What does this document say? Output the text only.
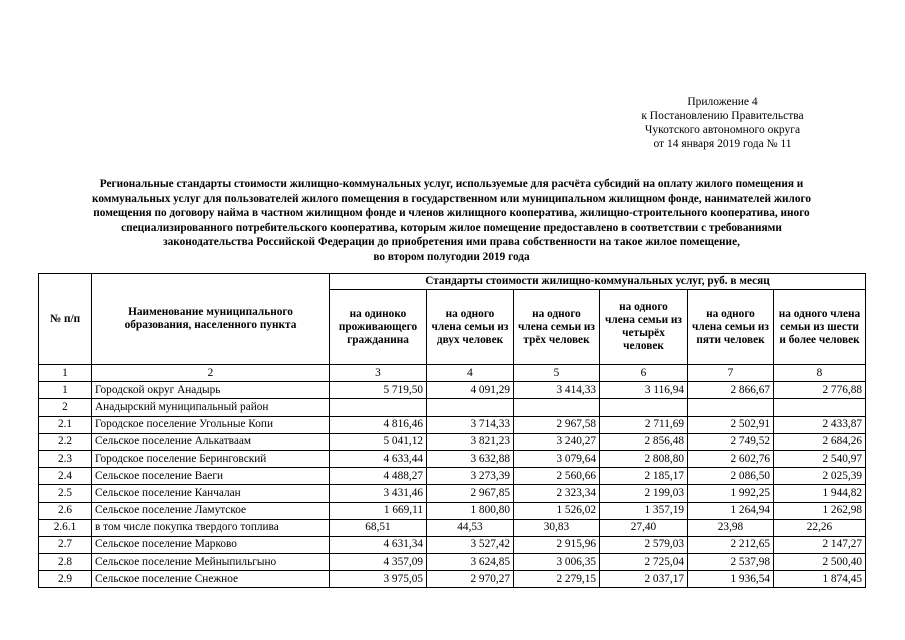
Приложение 4
к Постановлению Правительства
Чукотского автономного округа
от 14 января 2019 года № 11
Региональные стандарты стоимости жилищно-коммунальных услуг, используемые для расчёта субсидий на оплату жилого помещения и
коммунальных услуг для пользователей жилого помещения в государственном или муниципальном жилищном фонде, нанимателей жилого
помещения по договору найма в частном жилищном фонде и членов жилищного кооператива, жилищно-строительного кооператива, иного
специализированного потребительского кооператива, которым жилое помещение предоставлено в соответствии с требованиями
законодательства Российской Федерации до приобретения ими права собственности на такое жилое помещение,
во втором полугодии 2019 года
№ п/п	Наименование муниципального образования, населенного пункта	Стандарты стоимости жилищно-коммунальных услуг, руб. в месяц					
		на одиноко проживающего гражданина	на одного члена семьи из двух человек	на одного члена семьи из трёх человек	на одного члена семьи из четырёх человек	на одного члена семьи из пяти человек	на одного члена семьи из шести и более человек
1	2	3	4	5	6	7	8
1	Городской округ Анадырь	5 719,50	4 091,29	3 414,33	3 116,94	2 866,67	2 776,88
2	Анадырский муниципальный район						
2.1	Городское поселение Угольные Копи	4 816,46	3 714,33	2 967,58	2 711,69	2 502,91	2 433,87
2.2	Сельское поселение Алькатваам	5 041,12	3 821,23	3 240,27	2 856,48	2 749,52	2 684,26
2.3	Городское поселение Беринговский	4 633,44	3 632,88	3 079,64	2 808,80	2 602,76	2 540,97
2.4	Сельское поселение Ваеги	4 488,27	3 273,39	2 560,66	2 185,17	2 086,50	2 025,39
2.5	Сельское поселение Канчалан	3 431,46	2 967,85	2 323,34	2 199,03	1 992,25	1 944,82
2.6	Сельское поселение Ламутское	1 669,11	1 800,80	1 526,02	1 357,19	1 264,94	1 262,98
2.6.1	в том числе покупка твердого топлива	68,51	44,53	30,83	27,40	23,98	22,26
2.7	Сельское поселение Марково	4 631,34	3 527,42	2 915,96	2 579,03	2 212,65	2 147,27
2.8	Сельское поселение Мейныпильгыно	4 357,09	3 624,85	3 006,35	2 725,04	2 537,98	2 500,40
2.9	Сельское поселение Снежное	3 975,05	2 970,27	2 279,15	2 037,17	1 936,54	1 874,45
